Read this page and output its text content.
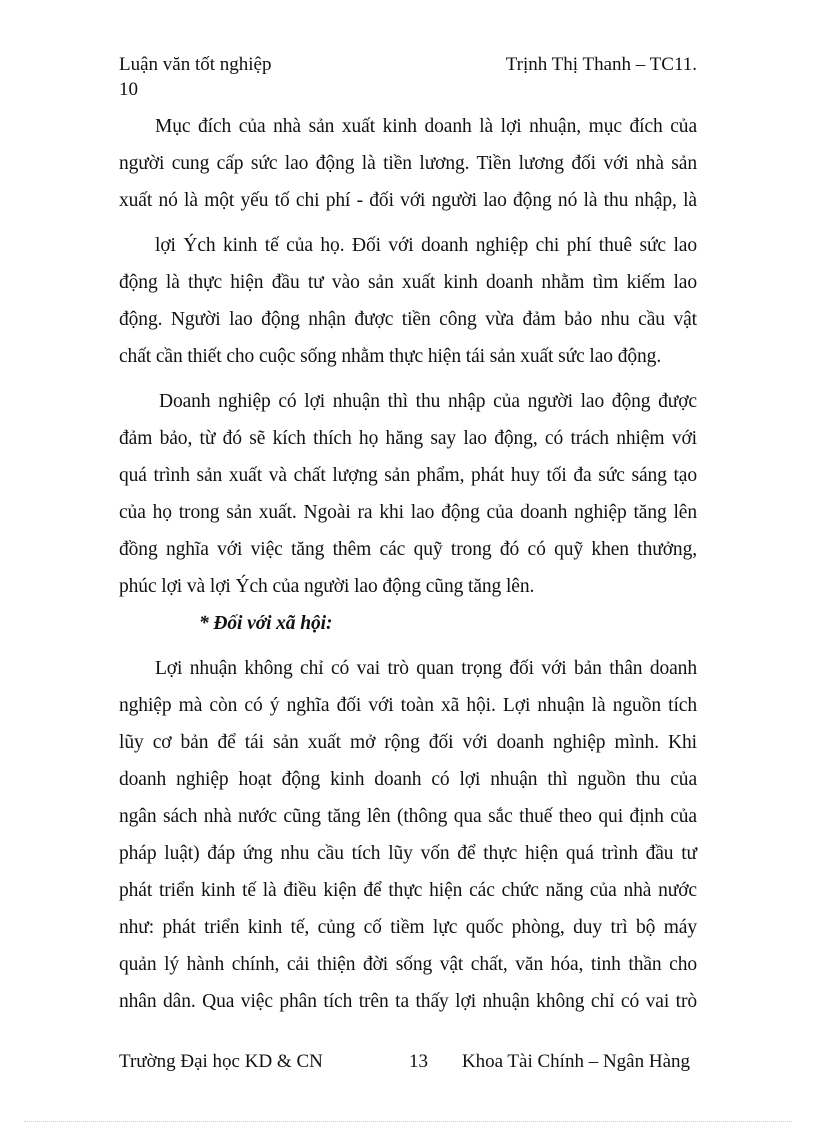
Luận văn tốt nghiệp	Trịnh Thị Thanh – TC11.
10
Mục đích của nhà sản xuất kinh doanh là lợi nhuận, mục đích của
người cung cấp sức lao động là tiền lương. Tiền lương đối với nhà sản
xuất nó là một yếu tố chi phí - đối với người lao động nó là thu nhập, là
lợi Ých kinh tế của họ. Đối với doanh nghiệp chi phí thuê sức lao
động là thực hiện đầu tư vào sản xuất kinh doanh nhằm tìm kiếm lao
động. Người lao động nhận được tiền công vừa đảm bảo nhu cầu vật
chất cần thiết cho cuộc sống nhằm thực hiện tái sản xuất sức lao động.
Doanh nghiệp có lợi nhuận thì thu nhập của người lao động được
đảm bảo, từ đó sẽ kích thích họ hăng say lao động, có trách nhiệm với
quá trình sản xuất và chất lượng sản phẩm, phát huy tối đa sức sáng tạo
của họ trong sản xuất. Ngoài ra khi lao động của doanh nghiệp tăng lên
đồng nghĩa với việc tăng thêm các quỹ trong đó có quỹ khen thưởng,
phúc lợi và lợi Ých của người lao động cũng tăng lên.
* Đối với xã hội:
Lợi nhuận không chỉ có vai trò quan trọng đối với bản thân doanh
nghiệp mà còn có ý nghĩa đối với toàn xã hội. Lợi nhuận là nguồn tích
lũy cơ bản để tái sản xuất mở rộng đối với doanh nghiệp mình. Khi
doanh nghiệp hoạt động kinh doanh có lợi nhuận thì nguồn thu của
ngân sách nhà nước cũng tăng lên (thông qua sắc thuế theo qui định của
pháp luật) đáp ứng nhu cầu tích lũy vốn để thực hiện quá trình đầu tư
phát triển kinh tế là điều kiện để thực hiện các chức năng của nhà nước
như: phát triển kinh tế, củng cố tiềm lực quốc phòng, duy trì bộ máy
quản lý hành chính, cải thiện đời sống vật chất, văn hóa, tinh thần cho
nhân dân. Qua việc phân tích trên ta thấy lợi nhuận không chỉ có vai trò
Trường Đại học KD & CN	13 Khoa Tài Chính – Ngân Hàng
